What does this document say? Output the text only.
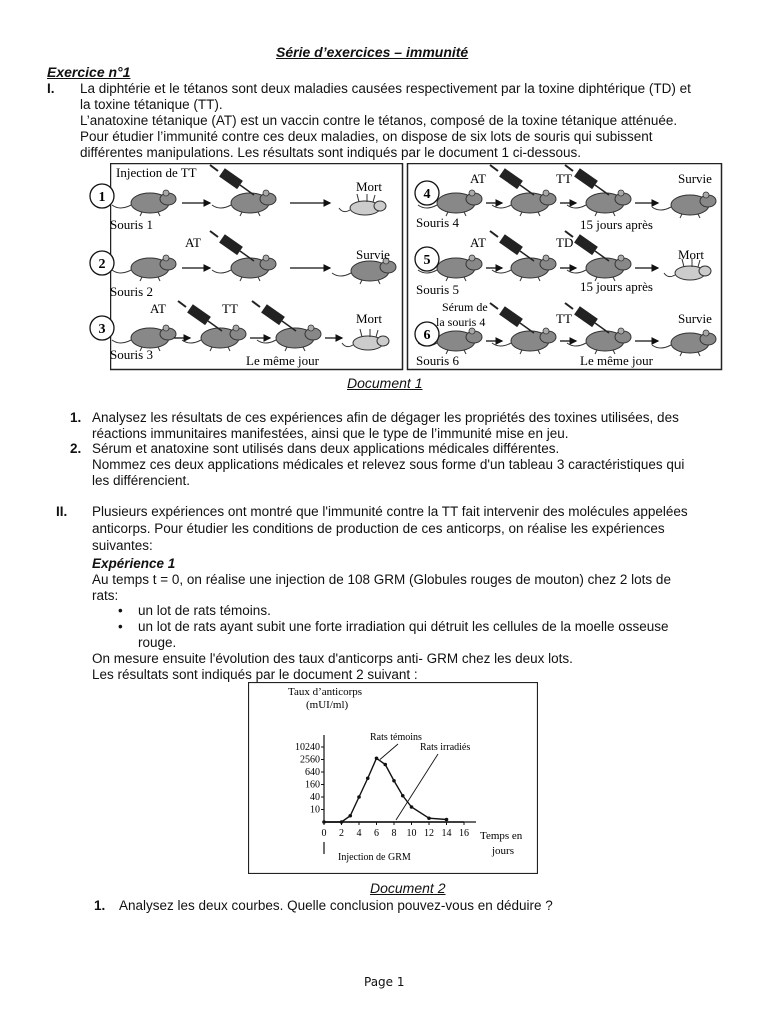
Série d’exercices – immunité
Exercice n°1
I. La diphtérie et le tétanos sont deux maladies causées respectivement par la toxine diphtérique (TD) et
la toxine tétanique (TT).
L’anatoxine tétanique (AT) est un vaccin contre le tétanos, composé de la toxine tétanique atténuée.
Pour étudier l’immunité contre ces deux maladies, on dispose de six lots de souris qui subissent
différentes manipulations. Les résultats sont indiqués par le document 1 ci-dessous.
Injection de TT
Mort
Souris 1
AT
Survie
Souris 2
AT	TT
Mort
Souris 3	Le même jour
AT	TT	Survie
Souris 4	15 jours après
AT	TD
Mort
Souris 5	15 jours après
Sérum de
la souris 4	TT	Survie
Souris 6	Le même jour
1
2
3
4
5
6
Document 1
1. Analysez les résultats de ces expériences afin de dégager les propriétés des toxines utilisées, des
réactions immunitaires manifestées, ainsi que le type de l’immunité mise en jeu.
2. Sérum et anatoxine sont utilisés dans deux applications médicales différentes.
Nommez ces deux applications médicales et relevez sous forme d'un tableau 3 caractéristiques qui
les différencient.
II. Plusieurs expériences ont montré que l'immunité contre la TT fait intervenir des molécules appelées
anticorps. Pour étudier les conditions de production de ces anticorps, on réalise les expériences
suivantes:
Expérience 1
Au temps t = 0, on réalise une injection de 108 GRM (Globules rouges de mouton) chez 2 lots de
rats:
• un lot de rats témoins.
• un lot de rats ayant subit une forte irradiation qui détruit les cellules de la moelle osseuse
rouge.
On mesure ensuite l'évolution des taux d'anticorps anti- GRM chez les deux lots.
Les résultats sont indiqués par le document 2 suivant :
Taux d’anticorps
(mUI/ml)
Temps en
jours
Injection de GRM
Rats témoins
Rats irradiés
0 2 4 6 8 10 12 14 16
10
40
160
640
2560
10240
Document 2
1. Analysez les deux courbes. Quelle conclusion pouvez-vous en déduire ?
Page 1
